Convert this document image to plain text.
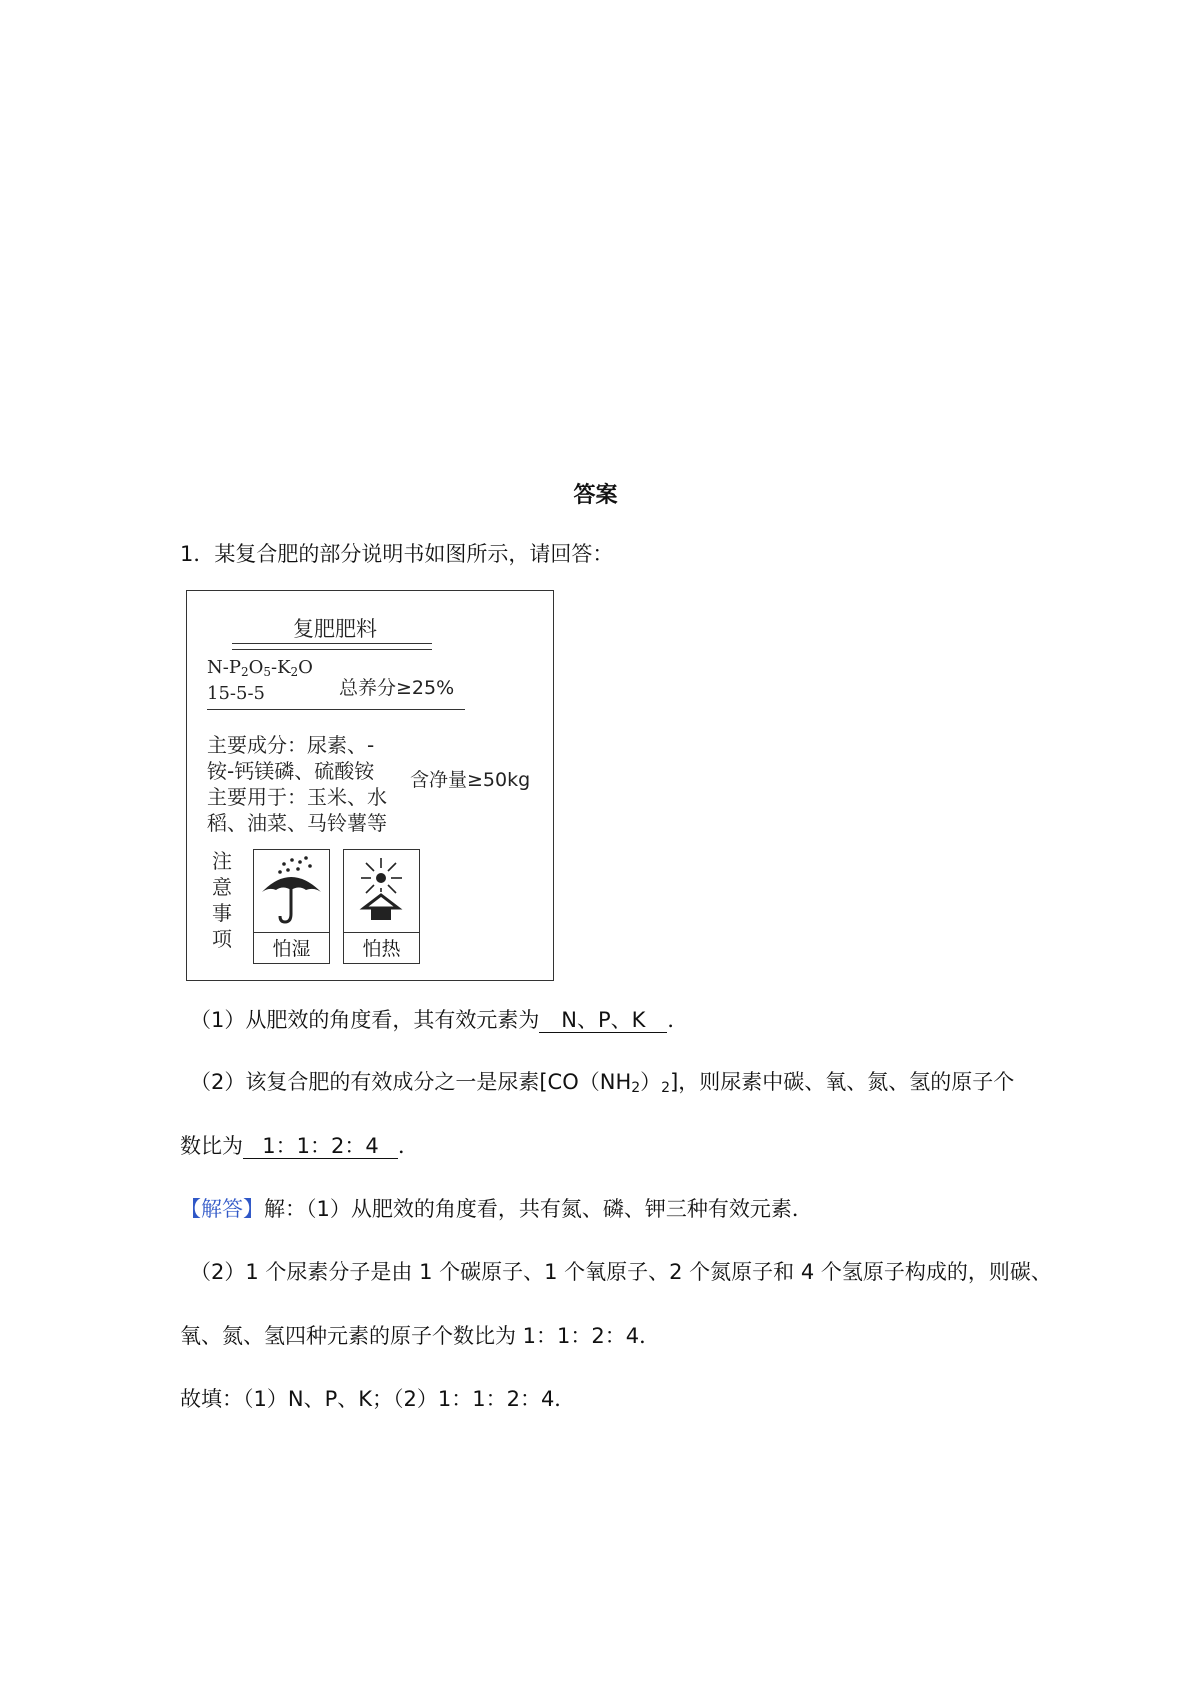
答案
1．某复合肥的部分说明书如图所示，请回答：
复肥肥料
$N-P_2O_5-K_2O$
15-5-5	总养分≥25%
主要成分：尿素、-
铵-钙镁磷、硫酸铵
主要用于：玉米、水
稻、油菜、马铃薯等
含净量≥50kg
注
意
事
项	怕湿	怕热
（1）从肥效的角度看，其有效元素为 N、P、K ．
（2）该复合肥的有效成分之一是尿素$[CO(NH_2)_2]$，则尿素中碳、氧、氮、氢的原子个
数比为 1：1：2：4 ．
【解答】解：（1）从肥效的角度看，共有氮、磷、钾三种有效元素．
（2）1 个尿素分子是由 1 个碳原子、1 个氧原子、2 个氮原子和 4 个氢原子构成的，则碳、
氧、氮、氢四种元素的原子个数比为 1：1：2：4．
故填：（1）N、P、K；（2）1：1：2：4．
